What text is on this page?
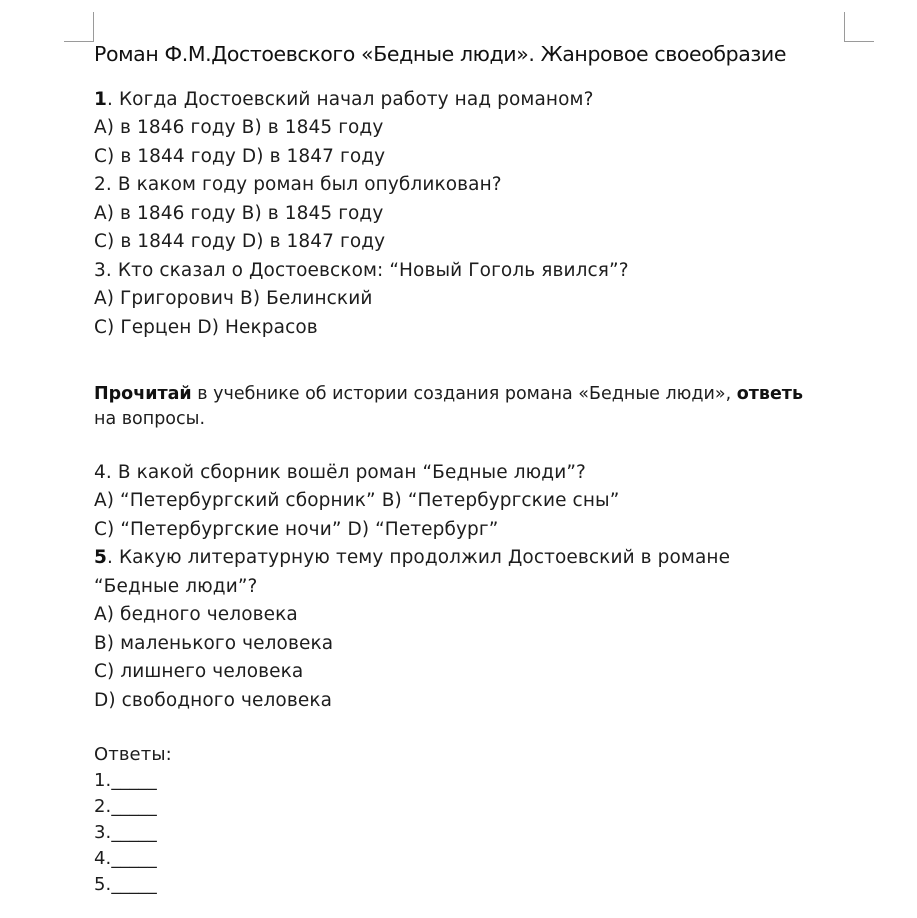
Роман Ф.М.Достоевского «Бедные люди». Жанровое своеобразие
1. Когда Достоевский начал работу над романом?
A) в 1846 году B) в 1845 году
C) в 1844 году D) в 1847 году
2. В каком году роман был опубликован?
A) в 1846 году B) в 1845 году
C) в 1844 году D) в 1847 году
3. Кто сказал о Достоевском: “Новый Гоголь явился”?
A) Григорович B) Белинский
C) Герцен D) Некрасов
Прочитай в учебнике об истории создания романа «Бедные люди», ответь
на вопросы.
4. В какой сборник вошёл роман “Бедные люди”?
A) “Петербургский сборник” B) “Петербургские сны”
C) “Петербургские ночи” D) “Петербург”
5. Какую литературную тему продолжил Достоевский в романе
“Бедные люди”?
A) бедного человека
B) маленького человека
C) лишнего человека
D) свободного человека
Ответы:
1._____
2._____
3._____
4._____
5._____
